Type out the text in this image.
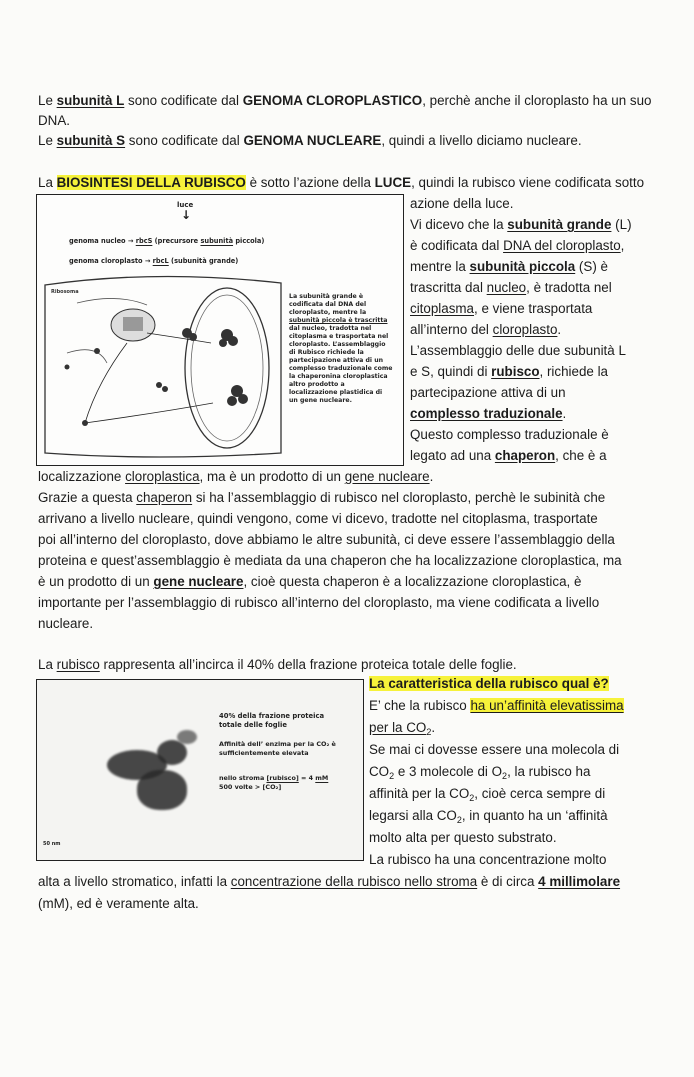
Le subunità L sono codificate dal GENOMA CLOROPLASTICO, perchè anche il cloroplasto ha un suo
DNA.
Le subunità S sono codificate dal GENOMA NUCLEARE, quindi a livello diciamo nucleare.
La BIOSINTESI DELLA RUBISCO è sotto l’azione della LUCE, quindi la rubisco viene codificata sotto
luce
↓
genoma nucleo → rbcS (precursore subunità piccola)
genoma cloroplasto → rbcL (subunità grande)
Ribosoma
La subunità grande è
codificata dal DNA del
cloroplasto, mentre la
subunità piccola è trascritta
dal nucleo, tradotta nel
citoplasma e trasportata nel
cloroplasto. L’assemblaggio
di Rubisco richiede la
partecipazione attiva di un
complesso traduzionale come
la chaperonina cloroplastica
altro prodotto a
localizzazione plastidica di
un gene nucleare.
azione della luce.
Vi dicevo che la subunità grande (L)
è codificata dal DNA del cloroplasto,
mentre la subunità piccola (S) è
trascritta dal nucleo, è tradotta nel
citoplasma, e viene trasportata
all’interno del cloroplasto.
L’assemblaggio delle due subunità L
e S, quindi di rubisco, richiede la
partecipazione attiva di un
complesso traduzionale.
Questo complesso traduzionale è
legato ad una chaperon, che è a
localizzazione cloroplastica, ma è un prodotto di un gene nucleare.
Grazie a questa chaperon si ha l’assemblaggio di rubisco nel cloroplasto, perchè le subinità che
arrivano a livello nucleare, quindi vengono, come vi dicevo, tradotte nel citoplasma, trasportate
poi all’interno del cloroplasto, dove abbiamo le altre subunità, ci deve essere l’assemblaggio della
proteina e quest’assemblaggio è mediata da una chaperon che ha localizzazione cloroplastica, ma
è un prodotto di un gene nucleare, cioè questa chaperon è a localizzazione cloroplastica, è
importante per l’assemblaggio di rubisco all’interno del cloroplasto, ma viene codificata a livello
nucleare.
La rubisco rappresenta all’incirca il 40% della frazione proteica totale delle foglie.
40% della frazione proteica
totale delle foglie
Affinità dell’ enzima per la CO₂ è
sufficientemente elevata
nello stroma [rubisco] = 4 mM
500 volte > [CO₂]
50 nm
La caratteristica della rubisco qual è?
E’ che la rubisco ha un’affinità elevatissima
per la $CO_2$.
Se mai ci dovesse essere una molecola di
$CO_2$ e 3 molecole di $O_2$, la rubisco ha
affinità per la $CO_2$, cioè cerca sempre di
legarsi alla $CO_2$, in quanto ha un ‘affinità
molto alta per questo substrato.
La rubisco ha una concentrazione molto
alta a livello stromatico, infatti la concentrazione della rubisco nello stroma è di circa 4 millimolare
(mM), ed è veramente alta.
